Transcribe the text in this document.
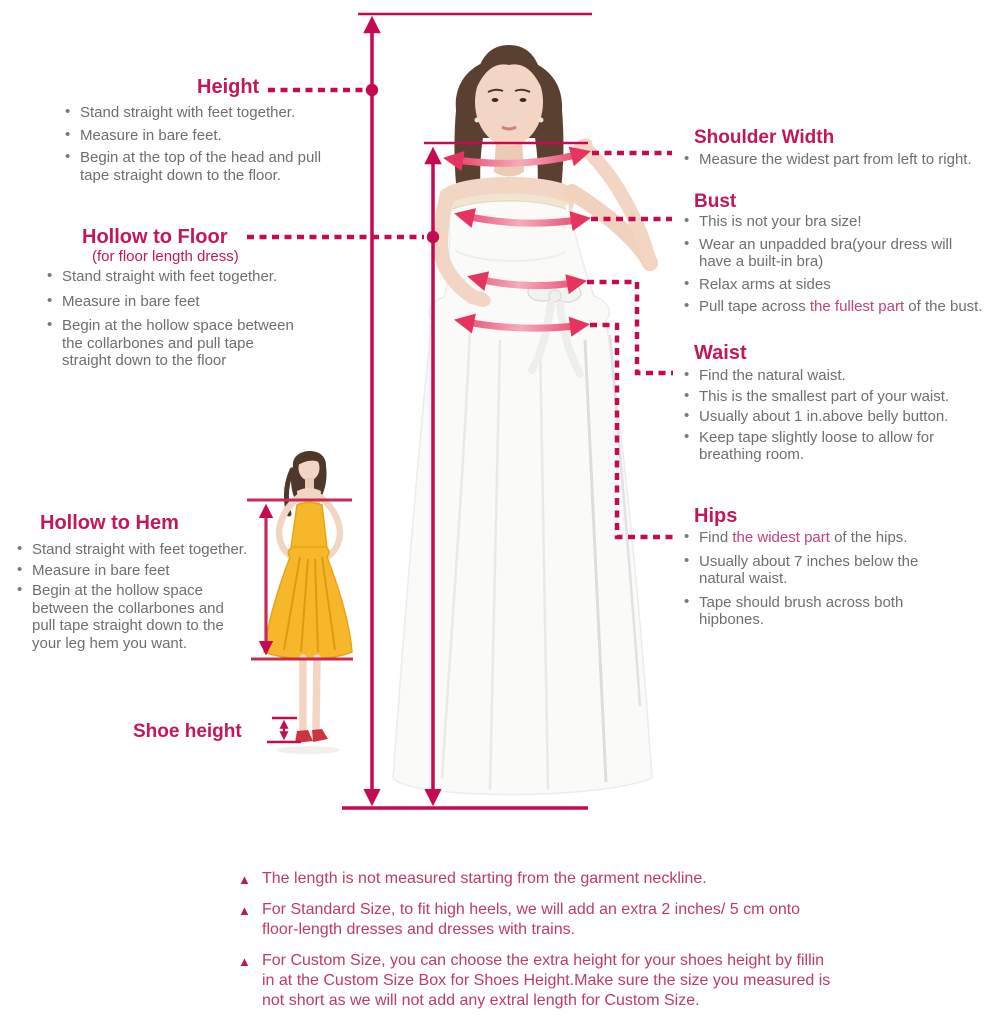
Height
• Stand straight with feet together.
• Measure in bare feet.
• Begin at the top of the head and pull tape straight down to the floor.
Hollow to Floor
(for floor length dress)
• Stand straight with feet together.
• Measure in bare feet
• Begin at the hollow space between the collarbones and pull tape straight down to the floor
Hollow to Hem
• Stand straight with feet together.
• Measure in bare feet
• Begin at the hollow space between the collarbones and pull tape straight down to the your leg hem you want.
Shoe height
Shoulder Width
• Measure the widest part from left to right.
Bust
• This is not your bra size!
• Wear an unpadded bra(your dress will have a built-in bra)
• Relax arms at sides
• Pull tape across the fullest part of the bust.
Waist
• Find the natural waist.
• This is the smallest part of your waist.
• Usually about 1 in.above belly button.
• Keep tape slightly loose to allow for breathing room.
Hips
• Find the widest part of the hips.
• Usually about 7 inches below the natural waist.
• Tape should brush across both hipbones.
▲
The length is not measured starting from the garment neckline.
▲
For Standard Size, to fit high heels, we will add an extra 2 inches/ 5 cm onto floor-length dresses and dresses with trains.
▲
For Custom Size, you can choose the extra height for your shoes height by fillin in at the Custom Size Box for Shoes Height.Make sure the size you measured is not short as we will not add any extral length for Custom Size.
